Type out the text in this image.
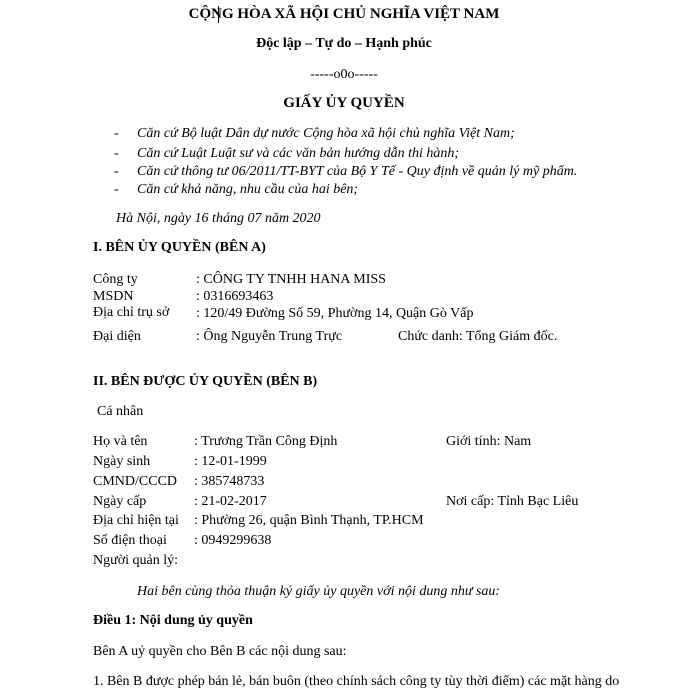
CỘNG HÒA XÃ HỘI CHỦ NGHĨA VIỆT NAM
Độc lập – Tự do – Hạnh phúc
-----o0o-----
GIẤY ỦY QUYỀN
- Căn cứ Bộ luật Dân dự nước Cộng hòa xã hội chủ nghĩa Việt Nam;
- Căn cứ Luật Luật sư và các văn bản hướng dẫn thi hành;
- Căn cứ thông tư 06/2011/TT-BYT của Bộ Y Tế - Quy định về quản lý mỹ phẩm.
- Căn cứ khả năng, nhu cầu của hai bên;
Hà Nội, ngày 16 tháng 07 năm 2020
I. BÊN ỦY QUYỀN (BÊN A)
Công ty	: CÔNG TY TNHH HANA MISS
MSDN	: 0316693463
Địa chỉ trụ sở : 120/49 Đường Số 59, Phường 14, Quận Gò Vấp
Đại diện	: Ông Nguyễn Trung Trực	Chức danh: Tổng Giám đốc.
II. BÊN ĐƯỢC ỦY QUYỀN (BÊN B)
Cá nhân
Họ và tên	: Trương Trần Công Định	Giới tính: Nam
Ngày sinh	: 12-01-1999
CMND/CCCD : 385748733
Ngày cấp	: 21-02-2017	Nơi cấp: Tỉnh Bạc Liêu
Địa chỉ hiện tại : Phường 26, quận Bình Thạnh, TP.HCM
Số điện thoại : 0949299638
Người quản lý:
Hai bên cùng thỏa thuận ký giấy ủy quyền với nội dung như sau:
Điều 1: Nội dung ủy quyền
Bên A uỷ quyền cho Bên B các nội dung sau:
1. Bên B được phép bán lẻ, bán buôn (theo chính sách công ty tùy thời điểm) các mặt hàng do
